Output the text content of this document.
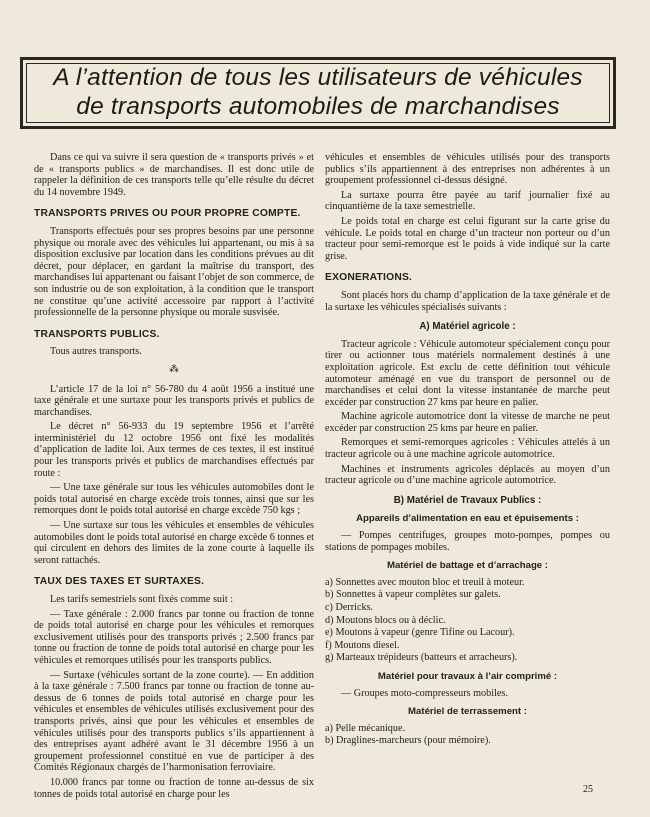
A l’attention de tous les utilisateurs de véhicules
de transports automobiles de marchandises

Dans ce qui va suivre il sera question de « transports privés » et de « transports publics » de marchandises. Il est donc utile de rappeler la définition de ces transports telle qu’elle résulte du décret du 14 novembre 1949.

TRANSPORTS PRIVES OU POUR PROPRE COMPTE.

Transports effectués pour ses propres besoins par une personne physique ou morale avec des véhicules lui appartenant, ou mis à sa disposition exclusive par location dans les conditions prévues au dit décret, pour déplacer, en gardant la maîtrise du transport, des marchandises lui appartenant ou faisant l’objet de son commerce, de son industrie ou de son exploitation, à la condition que le transport ne constitue qu’une activité accessoire par rapport à l’activité professionnelle de la personne physique ou morale susvisée.

TRANSPORTS PUBLICS.

Tous autres transports.

⁂

L’article 17 de la loi n° 56-780 du 4 août 1956 a institué une taxe générale et une surtaxe pour les transports privés et publics de marchandises.

Le décret n° 56-933 du 19 septembre 1956 et l’arrêté interministériel du 12 octobre 1956 ont fixé les modalités d’application de ladite loi. Aux termes de ces textes, il est institué pour les transports privés et publics de marchandises effectués par route :

— Une taxe générale sur tous les véhicules automobiles dont le poids total autorisé en charge excède trois tonnes, ainsi que sur les remorques dont le poids total autorisé en charge excède 750 kgs ;

— Une surtaxe sur tous les véhicules et ensembles de véhicules automobiles dont le poids total autorisé en charge excède 6 tonnes et qui circulent en dehors des limites de la zone courte à laquelle ils seront rattachés.

TAUX DES TAXES ET SURTAXES.

Les tarifs semestriels sont fixés comme suit :

— Taxe générale : 2.000 francs par tonne ou fraction de tonne de poids total autorisé en charge pour les véhicules et remorques exclusivement utilisés pour des transports privés ; 2.500 francs par tonne ou fraction de tonne de poids total autorisé en charge pour les véhicules et remorques utilisés pour les transports publics.

— Surtaxe (véhicules sortant de la zone courte). — En addition à la taxe générale : 7.500 francs par tonne ou fraction de tonne au-dessus de 6 tonnes de poids total autorisé en charge pour les véhicules et ensembles de véhicules utilisés exclusivement pour des transports privés, ainsi que pour les véhicules et ensembles de véhicules utilisés pour des transports publics s’ils appartiennent à des entreprises ayant adhéré avant le 31 décembre 1956 à un groupement professionnel constitué en vue de participer à des Comités Régionaux chargés de l’harmonisation ferroviaire.

10.000 francs par tonne ou fraction de tonne au-dessus de six tonnes de poids total autorisé en charge pour les

véhicules et ensembles de véhicules utilisés pour des transports publics s’ils appartiennent à des entreprises non adhérentes à un groupement professionnel ci-dessus désigné.

La surtaxe pourra être payée au tarif journalier fixé au cinquantième de la taxe semestrielle.

Le poids total en charge est celui figurant sur la carte grise du véhicule. Le poids total en charge d’un tracteur non porteur ou d’un tracteur pour semi-remorque est le poids à vide indiqué sur la carte grise.

EXONERATIONS.

Sont placés hors du champ d’application de la taxe générale et de la surtaxe les véhicules spécialisés suivants :

A) Matériel agricole :

Tracteur agricole : Véhicule automoteur spécialement conçu pour tirer ou actionner tous matériels normalement destinés à une exploitation agricole. Est exclu de cette définition tout véhicule automoteur aménagé en vue du transport de personnel ou de marchandises et celui dont la vitesse instantanée de marche peut excéder par construction 27 kms par heure en palier.

Machine agricole automotrice dont la vitesse de marche ne peut excéder par construction 25 kms par heure en palier.

Remorques et semi-remorques agricoles : Véhicules attelés à un tracteur agricole ou à une machine agricole automotrice.

Machines et instruments agricoles déplacés au moyen d’un tracteur agricole ou d’une machine agricole automotrice.

B) Matériel de Travaux Publics :
Appareils d’alimentation en eau et épuisements :

— Pompes centrifuges, groupes moto-pompes, pompes ou stations de pompages mobiles.

Matériel de battage et d’arrachage :
a) Sonnettes avec mouton bloc et treuil à moteur.
b) Sonnettes à vapeur complètes sur galets.
c) Derricks.
d) Moutons blocs ou à déclic.
e) Moutons à vapeur (genre Tifine ou Lacour).
f) Moutons diesel.
g) Marteaux trépideurs (batteurs et arracheurs).
Matériel pour travaux à l’air comprimé :

— Groupes moto-compresseurs mobiles.

Matériel de terrassement :
a) Pelle mécanique.
b) Draglines-marcheurs (pour mémoire).
25
